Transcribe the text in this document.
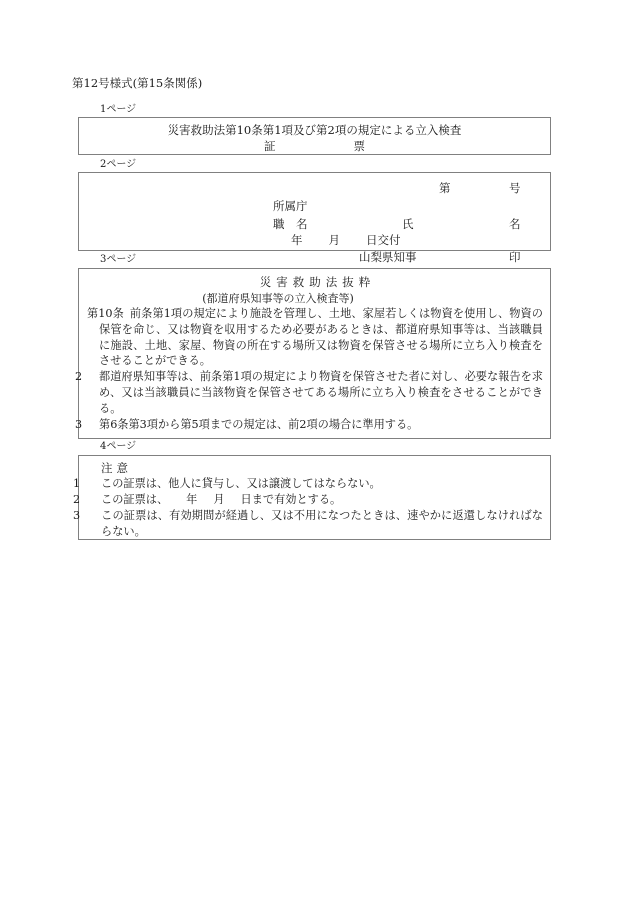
第12号様式(第15条関係)
1ページ
災害救助法第10条第1項及び第2項の規定による立入検査
証	票
2ページ
第	号
所属庁
職　名	氏	名
年 月 日交付
山梨県知事	印
3ページ
災害救助法抜粋
(都道府県知事等の立入検査等)

第10条 前条第1項の規定により施設を管理し、土地、家屋若しくは物資を使用し、物資の保管を命じ、又は物資を収用するため必要があるときは、都道府県知事等は、当該職員に施設、土地、家屋、物資の所在する場所又は物資を保管させる場所に立ち入り検査をさせることができる。

2 都道府県知事等は、前条第1項の規定により物資を保管させた者に対し、必要な報告を求め、又は当該職員に当該物資を保管させてある場所に立ち入り検査をさせることができる。

3 第6条第3項から第5項までの規定は、前2項の場合に準用する。

4ページ
注意

1 この証票は、他人に貸与し、又は譲渡してはならない。

2 この証票は、 年 月 日まで有効とする。

3 この証票は、有効期間が経過し、又は不用になつたときは、速やかに返還しなければならない。
